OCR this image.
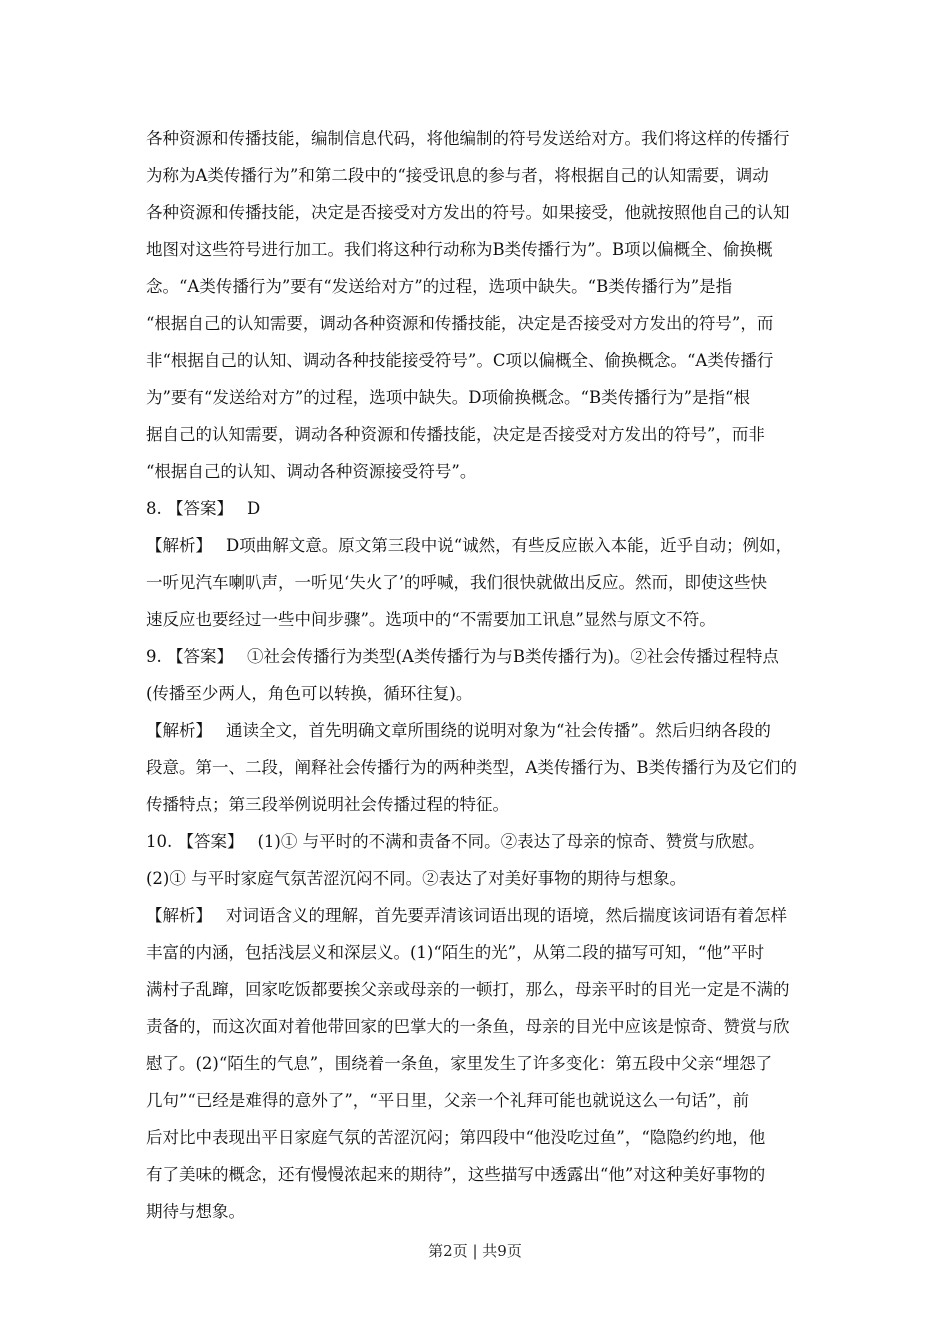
各种资源和传播技能，编制信息代码，将他编制的符号发送给对方。我们将这样的传播行
为称为A类传播行为”和第二段中的“接受讯息的参与者，将根据自己的认知需要，调动
各种资源和传播技能，决定是否接受对方发出的符号。如果接受，他就按照他自己的认知
地图对这些符号进行加工。我们将这种行动称为B类传播行为”。B项以偏概全、偷换概
念。“A类传播行为”要有“发送给对方”的过程，选项中缺失。“B类传播行为”是指
“根据自己的认知需要，调动各种资源和传播技能，决定是否接受对方发出的符号”，而
非“根据自己的认知、调动各种技能接受符号”。C项以偏概全、偷换概念。“A类传播行
为”要有“发送给对方”的过程，选项中缺失。D项偷换概念。“B类传播行为”是指“根
据自己的认知需要，调动各种资源和传播技能，决定是否接受对方发出的符号”，而非
“根据自己的认知、调动各种资源接受符号”。
8. 【答案】 D
【解析】 D项曲解文意。原文第三段中说“诚然，有些反应嵌入本能，近乎自动；例如，
一听见汽车喇叭声，一听见‘失火了’的呼喊，我们很快就做出反应。然而，即使这些快
速反应也要经过一些中间步骤”。选项中的“不需要加工讯息”显然与原文不符。
9. 【答案】 ①社会传播行为类型(A类传播行为与B类传播行为)。②社会传播过程特点
(传播至少两人，角色可以转换，循环往复)。
【解析】 通读全文，首先明确文章所围绕的说明对象为“社会传播”。然后归纳各段的
段意。第一、二段，阐释社会传播行为的两种类型，A类传播行为、B类传播行为及它们的
传播特点；第三段举例说明社会传播过程的特征。
10. 【答案】 (1)① 与平时的不满和责备不同。②表达了母亲的惊奇、赞赏与欣慰。
(2)① 与平时家庭气氛苦涩沉闷不同。②表达了对美好事物的期待与想象。
【解析】 对词语含义的理解，首先要弄清该词语出现的语境，然后揣度该词语有着怎样
丰富的内涵，包括浅层义和深层义。(1)“陌生的光”，从第二段的描写可知，“他”平时
满村子乱蹿，回家吃饭都要挨父亲或母亲的一顿打，那么，母亲平时的目光一定是不满的
责备的，而这次面对着他带回家的巴掌大的一条鱼，母亲的目光中应该是惊奇、赞赏与欣
慰了。(2)“陌生的气息”，围绕着一条鱼，家里发生了许多变化：第五段中父亲“埋怨了
几句”“已经是难得的意外了”，“平日里，父亲一个礼拜可能也就说这么一句话”，前
后对比中表现出平日家庭气氛的苦涩沉闷；第四段中“他没吃过鱼”，“隐隐约约地，他
有了美味的概念，还有慢慢浓起来的期待”，这些描写中透露出“他”对这种美好事物的
期待与想象。
第2页 | 共9页
